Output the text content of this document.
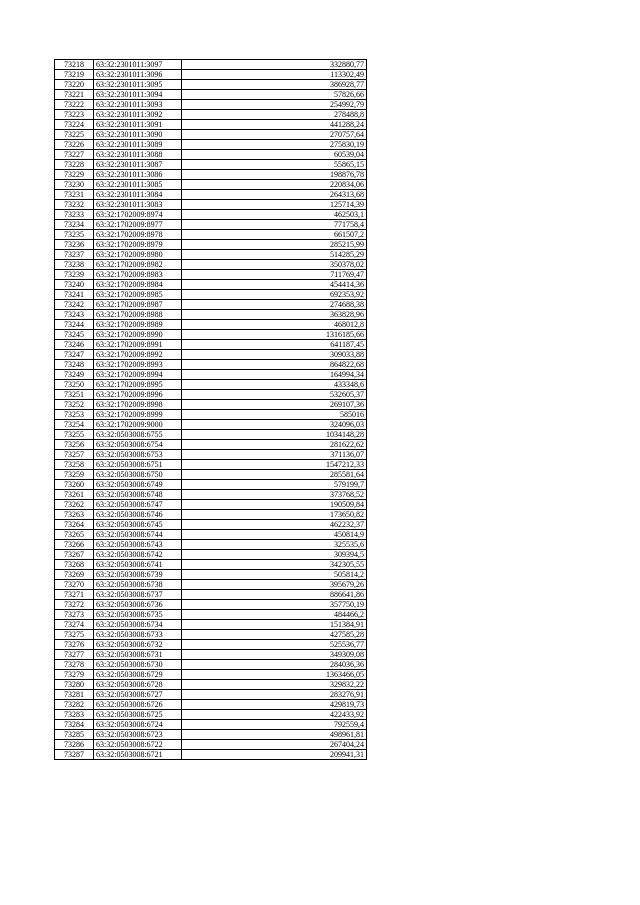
73218	63:32:2301011:3097	332880,77
73219	63:32:2301011:3096	113302,49
73220	63:32:2301011:3095	386928,77
73221	63:32:2301011:3094	57826,66
73222	63:32:2301011:3093	254992,79
73223	63:32:2301011:3092	278488,8
73224	63:32:2301011:3091	441288,24
73225	63:32:2301011:3090	270757,64
73226	63:32:2301011:3089	275830,19
73227	63:32:2301011:3088	60539,04
73228	63:32:2301011:3087	55865,15
73229	63:32:2301011:3086	198876,78
73230	63:32:2301011:3085	220834,06
73231	63:32:2301011:3084	264313,68
73232	63:32:2301011:3083	125714,39
73233	63:32:1702009:8974	462503,1
73234	63:32:1702009:8977	771758,4
73235	63:32:1702009:8978	661507,2
73236	63:32:1702009:8979	285215,99
73237	63:32:1702009:8980	514285,29
73238	63:32:1702009:8982	350378,02
73239	63:32:1702009:8983	711769,47
73240	63:32:1702009:8984	454414,36
73241	63:32:1702009:8985	692353,92
73242	63:32:1702009:8987	274688,38
73243	63:32:1702009:8988	363828,96
73244	63:32:1702009:8989	468012,8
73245	63:32:1702009:8990	1316185,66
73246	63:32:1702009:8991	641187,45
73247	63:32:1702009:8992	309033,88
73248	63:32:1702009:8993	864822,68
73249	63:32:1702009:8994	164994,34
73250	63:32:1702009:8995	433348,6
73251	63:32:1702009:8996	532605,37
73252	63:32:1702009:8998	269107,36
73253	63:32:1702009:8999	585016
73254	63:32:1702009:9000	324096,03
73255	63:32:0503008:6755	1034148,28
73256	63:32:0503008:6754	281622,62
73257	63:32:0503008:6753	371136,07
73258	63:32:0503008:6751	1547212,33
73259	63:32:0503008:6750	285581,64
73260	63:32:0503008:6749	579199,7
73261	63:32:0503008:6748	373768,52
73262	63:32:0503008:6747	190509,84
73263	63:32:0503008:6746	173650,82
73264	63:32:0503008:6745	462232,37
73265	63:32:0503008:6744	450814,9
73266	63:32:0503008:6743	325535,6
73267	63:32:0503008:6742	309394,5
73268	63:32:0503008:6741	342305,55
73269	63:32:0503008:6739	505814,2
73270	63:32:0503008:6738	395679,26
73271	63:32:0503008:6737	886641,86
73272	63:32:0503008:6736	357750,19
73273	63:32:0503008:6735	484466,2
73274	63:32:0503008:6734	151384,91
73275	63:32:0503008:6733	427585,28
73276	63:32:0503008:6732	525536,77
73277	63:32:0503008:6731	349309,08
73278	63:32:0503008:6730	284036,36
73279	63:32:0503008:6729	1363466,05
73280	63:32:0503008:6728	329832,22
73281	63:32:0503008:6727	283276,91
73282	63:32:0503008:6726	429819,73
73283	63:32:0503008:6725	422433,92
73284	63:32:0503008:6724	792559,4
73285	63:32:0503008:6723	498961,81
73286	63:32:0503008:6722	267404,24
73287	63:32:0503008:6721	209941,31
